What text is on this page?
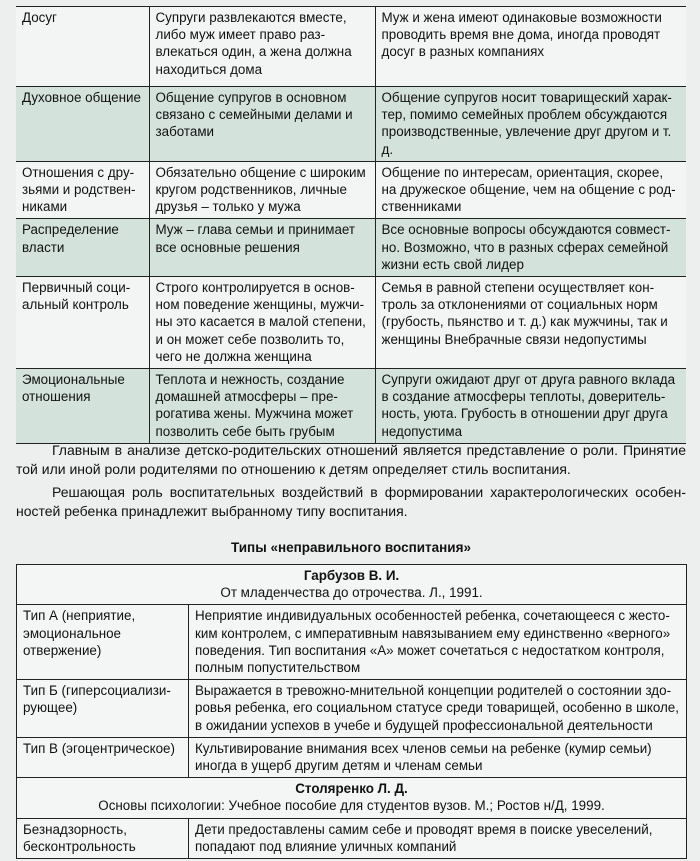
Досуг	Супруги развлекаются вместе, либо муж имеет право развлекаться один, а жена должна находиться дома	Муж и жена имеют одинаковые возможности проводить время вне дома, иногда проводят досуг в разных компаниях
Духовное общение	Общение супругов в основном связано с семейными делами и заботами	Общение супругов носит товарищеский характер, помимо семейных проблем обсуждаются производственные, увлечение друг другом и т. д.
Отношения с друзьями и родственниками	Обязательно общение с широким кругом родственников, личные друзья – только у мужа	Общение по интересам, ориентация, скорее, на дружеское общение, чем на общение с родственниками
Распределение власти	Муж – глава семьи и принимает все основные решения	Все основные вопросы обсуждаются совместно. Возможно, что в разных сферах семейной жизни есть свой лидер
Первичный социальный контроль	Строго контролируется в основном поведение женщины, мужчины это касается в малой степени, и он может себе позволить то, чего не должна женщина	Семья в равной степени осуществляет контроль за отклонениями от социальных норм (грубость, пьянство и т. д.) как мужчины, так и женщины Внебрачные связи недопустимы
Эмоциональные отношения	Теплота и нежность, создание домашней атмосферы – прерогатива жены. Мужчина может позволить себе быть грубым	Супруги ожидают друг от друга равного вклада в создание атмосферы теплоты, доверительность, уюта. Грубость в отношении друг друга недопустима

Главным в анализе детско-родительских отношений является представление о роли. Принятие той или иной роли родителями по отношению к детям определяет стиль воспитания.

Решающая роль воспитательных воздействий в формировании характерологических особенностей ребенка принадлежит выбранному типу воспитания.

Типы «неправильного воспитания»

Гарбузов В. И.
От младенчества до отрочества. Л., 1991.	

Тип А (неприятие, эмоциональное отвержение)	Неприятие индивидуальных особенностей ребенка, сочетающееся с жестоким контролем, с императивным навязыванием ему единственно «верного» поведения. Тип воспитания «А» может сочетаться с недостатком контроля, полным попустительством
Тип Б (гиперсоциализирующее)	Выражается в тревожно-мнительной концепции родителей о состоянии здоровья ребенка, его социальном статусе среди товарищей, особенно в школе, в ожидании успехов в учебе и будущей профессиональной деятельности
Тип В (эгоцентрическое)	Культивирование внимания всех членов семьи на ребенке (кумир семьи) иногда в ущерб другим детям и членам семьи

Столяренко Л. Д.
Основы психологии: Учебное пособие для студентов вузов. М.; Ростов н/Д, 1999.	

Безнадзорность, бесконтрольность	Дети предоставлены самим себе и проводят время в поиске увеселений, попадают под влияние уличных компаний
